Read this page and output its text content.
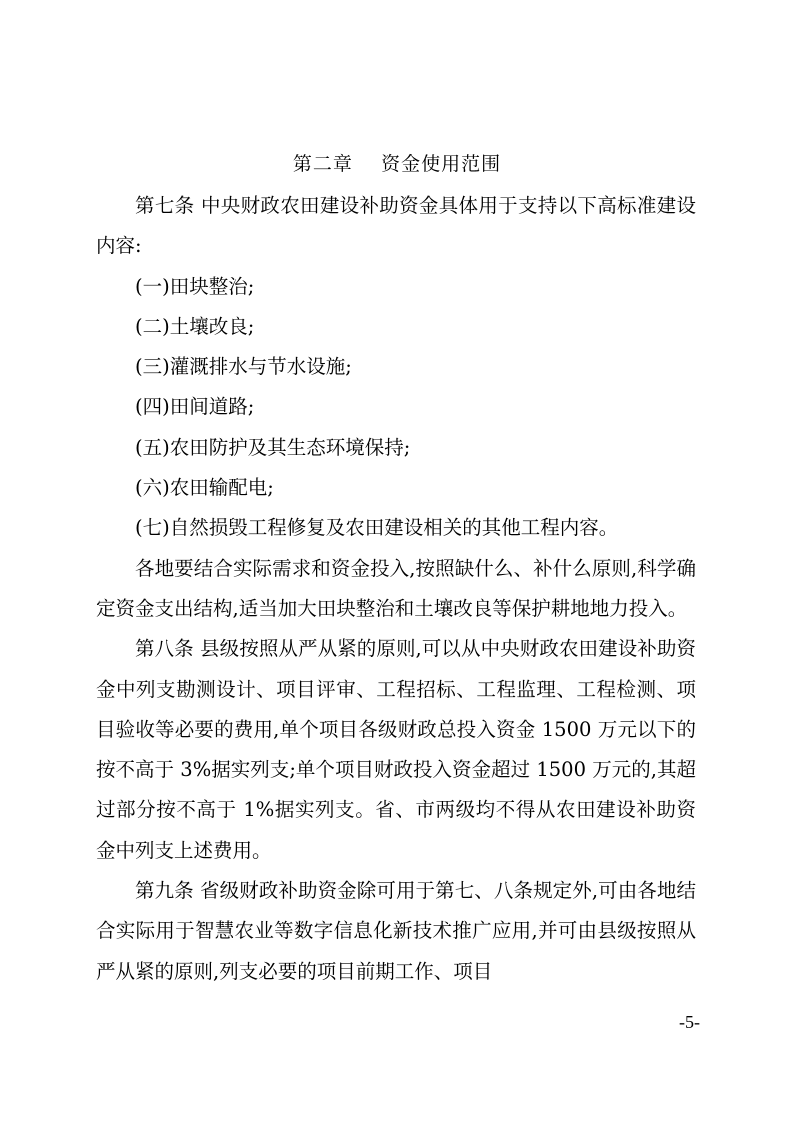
第二章    资金使用范围

第七条 中央财政农田建设补助资金具体用于支持以下高标准建设内容:

(一)田块整治;

(二)土壤改良;

(三)灌溉排水与节水设施;

(四)田间道路;

(五)农田防护及其生态环境保持;

(六)农田输配电;

(七)自然损毁工程修复及农田建设相关的其他工程内容。

各地要结合实际需求和资金投入,按照缺什么、补什么原则,科学确定资金支出结构,适当加大田块整治和土壤改良等保护耕地地力投入。

第八条 县级按照从严从紧的原则,可以从中央财政农田建设补助资金中列支勘测设计、项目评审、工程招标、工程监理、工程检测、项目验收等必要的费用,单个项目各级财政总投入资金 1500 万元以下的按不高于 3%据实列支;单个项目财政投入资金超过 1500 万元的,其超过部分按不高于 1%据实列支。省、市两级均不得从农田建设补助资金中列支上述费用。

第九条 省级财政补助资金除可用于第七、八条规定外,可由各地结合实际用于智慧农业等数字信息化新技术推广应用,并可由县级按照从严从紧的原则,列支必要的项目前期工作、项目

-5-
